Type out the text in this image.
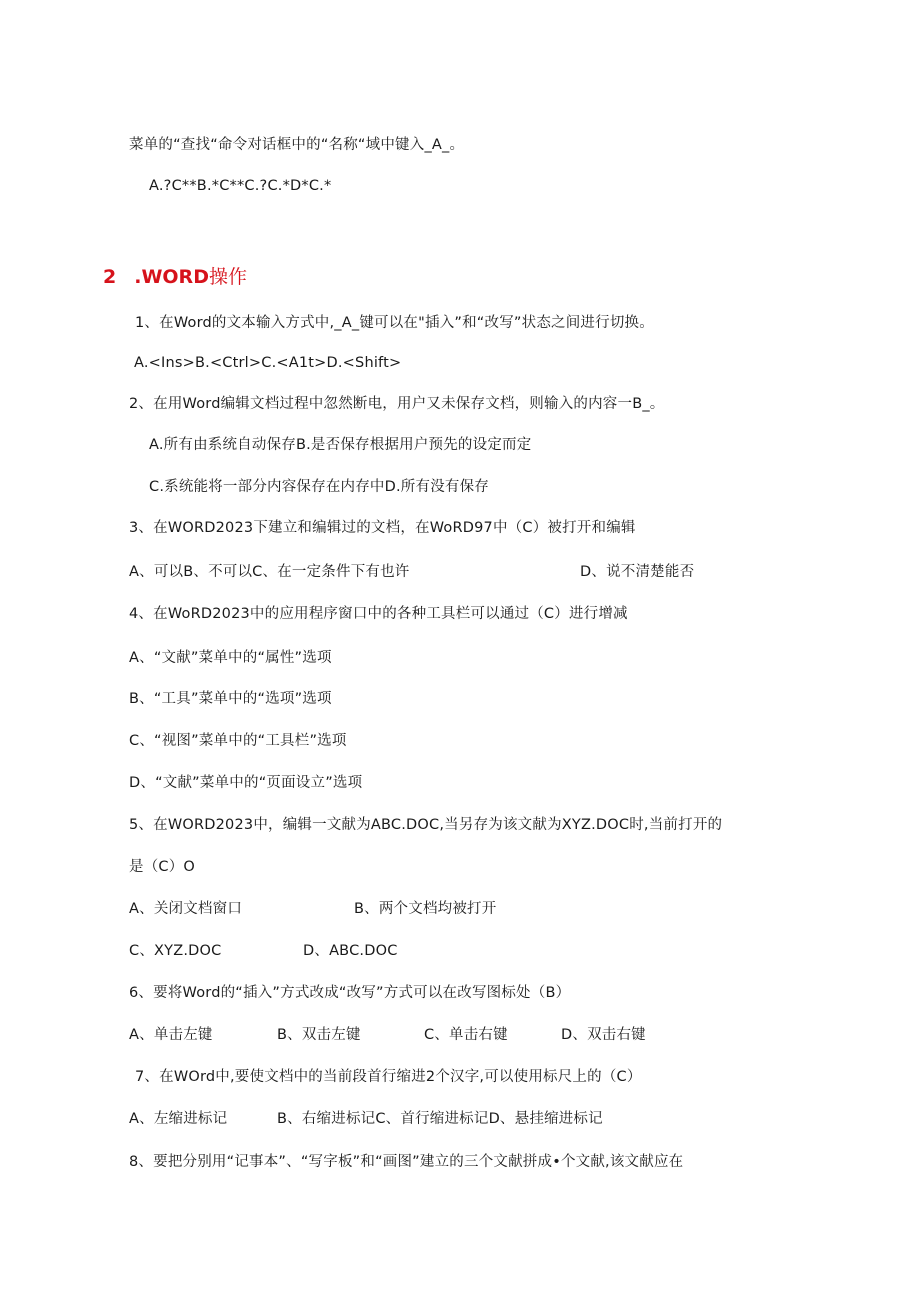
菜单的“查找“命令对话框中的“名称“域中键入_A_。
A.?C**B.*C**C.?C.*D*C.*
2 .WORD操作
1、在Word的文本输入方式中,_A_键可以在"插入”和“改写”状态之间进行切换。
A.<Ins>B.<Ctrl>C.<A1t>D.<Shift>
2、在用Word编辑文档过程中忽然断电，用户又未保存文档，则输入的内容一B_。
A.所有由系统自动保存B.是否保存根据用户预先的设定而定
C.系统能将一部分内容保存在内存中D.所有没有保存
3、在WORD2023下建立和编辑过的文档，在WoRD97中（C）被打开和编辑
A、可以B、不可以C、在一定条件下有也许	D、说不清楚能否
4、在WoRD2023中的应用程序窗口中的各种工具栏可以通过（C）进行增减
A、“文献”菜单中的“属性”选项
B、“工具”菜单中的“选项”选项
C、“视图”菜单中的“工具栏”选项
D、“文献”菜单中的“页面设立”选项
5、在WORD2023中，编辑一文献为ABC.DOC,当另存为该文献为XYZ.DOC时,当前打开的
是（C）O
A、关闭文档窗口	B、两个文档均被打开
C、XYZ.DOC	D、ABC.DOC
6、要将Word的“插入”方式改成“改写”方式可以在改写图标处（B）
A、单击左键	B、双击左键	C、单击右键	D、双击右键
7、在WOrd中,要使文档中的当前段首行缩进2个汉字,可以使用标尺上的（C）
A、左缩进标记	B、右缩进标记C、首行缩进标记D、悬挂缩进标记
8、要把分别用“记事本”、“写字板”和“画图”建立的三个文献拼成•个文献,该文献应在
